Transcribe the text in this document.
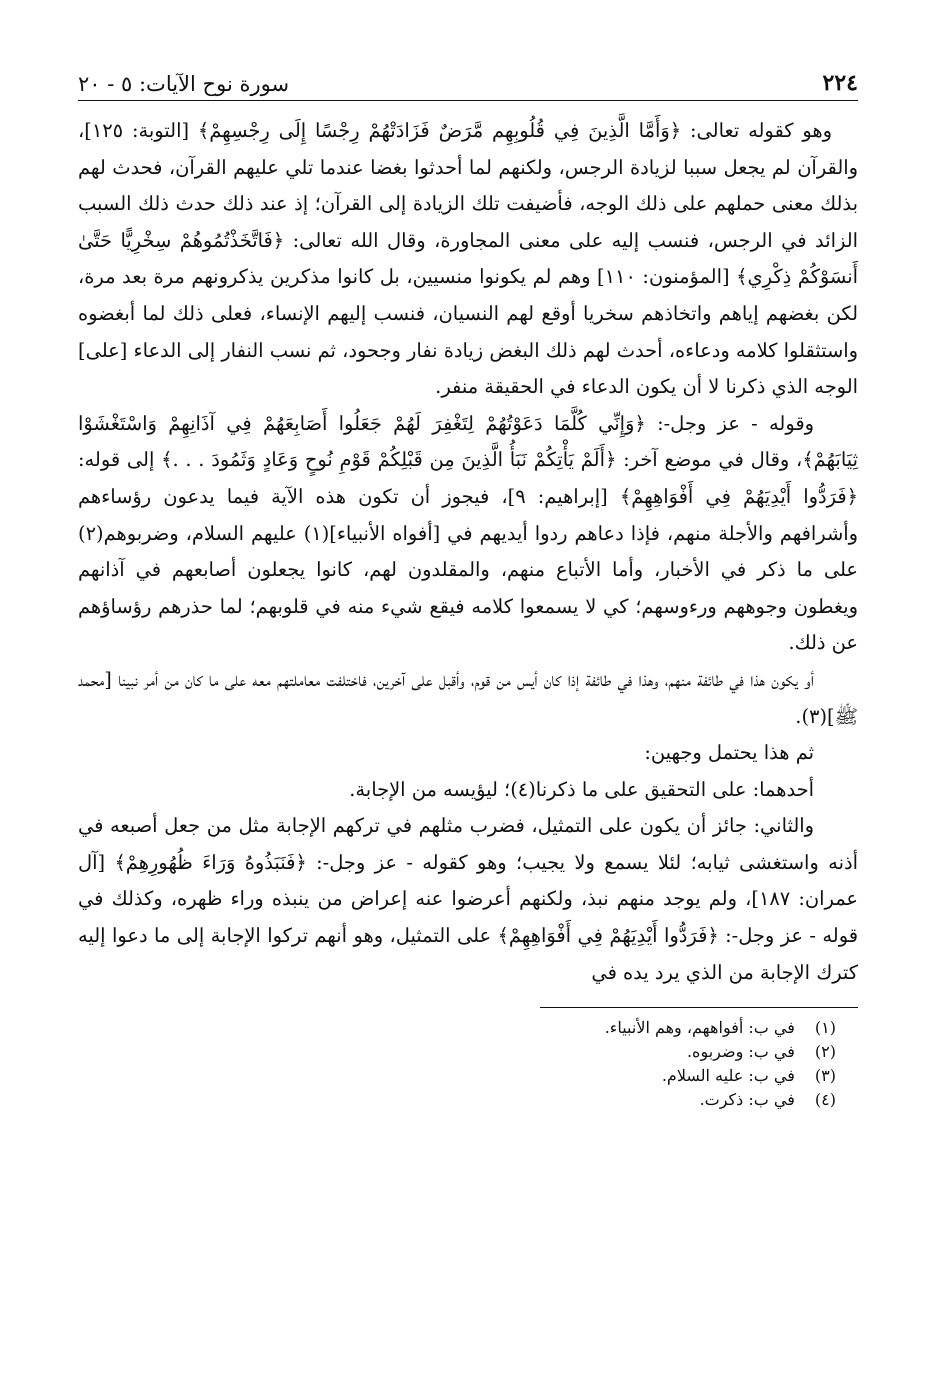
٢٢٤
سورة نوح الآيات: ٥ - ٢٠

وهو كقوله تعالى: ﴿وَأَمَّا الَّذِينَ فِي قُلُوبِهِم مَّرَضٌ فَزَادَتْهُمْ رِجْسًا إِلَى رِجْسِهِمْ﴾ [التوبة: ١٢٥]، والقرآن لم يجعل سببا لزيادة الرجس، ولكنهم لما أحدثوا بغضا عندما تلي عليهم القرآن، فحدث لهم بذلك معنى حملهم على ذلك الوجه، فأضيفت تلك الزيادة إلى القرآن؛ إذ عند ذلك حدث ذلك السبب الزائد في الرجس، فنسب إليه على معنى المجاورة، وقال الله تعالى: ﴿فَاتَّخَذْتُمُوهُمْ سِخْرِيًّا حَتَّىٰ أَنسَوْكُمْ ذِكْرِي﴾ [المؤمنون: ١١٠] وهم لم يكونوا منسيين، بل كانوا مذكرين يذكرونهم مرة بعد مرة، لكن بغضهم إياهم واتخاذهم سخريا أوقع لهم النسيان، فنسب إليهم الإنساء، فعلى ذلك لما أبغضوه واستثقلوا كلامه ودعاءه، أحدث لهم ذلك البغض زيادة نفار وجحود، ثم نسب النفار إلى الدعاء [على] الوجه الذي ذكرنا لا أن يكون الدعاء في الحقيقة منفر.

وقوله - عز وجل-: ﴿وَإِنِّي كُلَّمَا دَعَوْتُهُمْ لِتَغْفِرَ لَهُمْ جَعَلُوا أَصَابِعَهُمْ فِي آذَانِهِمْ وَاسْتَغْشَوْا ثِيَابَهُمْ﴾، وقال في موضع آخر: ﴿أَلَمْ يَأْتِكُمْ نَبَأُ الَّذِينَ مِن قَبْلِكُمْ قَوْمِ نُوحٍ وَعَادٍ وَثَمُودَ . . .﴾ إلى قوله: ﴿فَرَدُّوا أَيْدِيَهُمْ فِي أَفْوَاهِهِمْ﴾ [إبراهيم: ٩]، فيجوز أن تكون هذه الآية فيما يدعون رؤساءهم وأشرافهم والأجلة منهم، فإذا دعاهم ردوا أيديهم في [أفواه الأنبياء](١) عليهم السلام، وضربوهم(٢) على ما ذكر في الأخبار، وأما الأتباع منهم، والمقلدون لهم، كانوا يجعلون أصابعهم في آذانهم ويغطون وجوههم ورءوسهم؛ كي لا يسمعوا كلامه فيقع شيء منه في قلوبهم؛ لما حذرهم رؤساؤهم عن ذلك.

أو يكون هذا في طائفة منهم، وهذا في طائفة إذا كان أيس من قوم، وأقبل على آخرين، فاختلفت معاملتهم معه على ما كان من أمر نبينا [محمد ﷺ](٣).

ثم هذا يحتمل وجهين:

أحدهما: على التحقيق على ما ذكرنا(٤)؛ ليؤيسه من الإجابة.

والثاني: جائز أن يكون على التمثيل، فضرب مثلهم في تركهم الإجابة مثل من جعل أصبعه في أذنه واستغشى ثيابه؛ لئلا يسمع ولا يجيب؛ وهو كقوله - عز وجل-: ﴿فَنَبَذُوهُ وَرَاءَ ظُهُورِهِمْ﴾ [آل عمران: ١٨٧]، ولم يوجد منهم نبذ، ولكنهم أعرضوا عنه إعراض من ينبذه وراء ظهره، وكذلك في قوله - عز وجل-: ﴿فَرَدُّوا أَيْدِيَهُمْ فِي أَفْوَاهِهِمْ﴾ على التمثيل، وهو أنهم تركوا الإجابة إلى ما دعوا إليه كترك الإجابة من الذي يرد يده في

(١) في ب: أفواههم، وهم الأنبياء.
(٢) في ب: وضربوه.
(٣) في ب: عليه السلام.
(٤) في ب: ذكرت.
